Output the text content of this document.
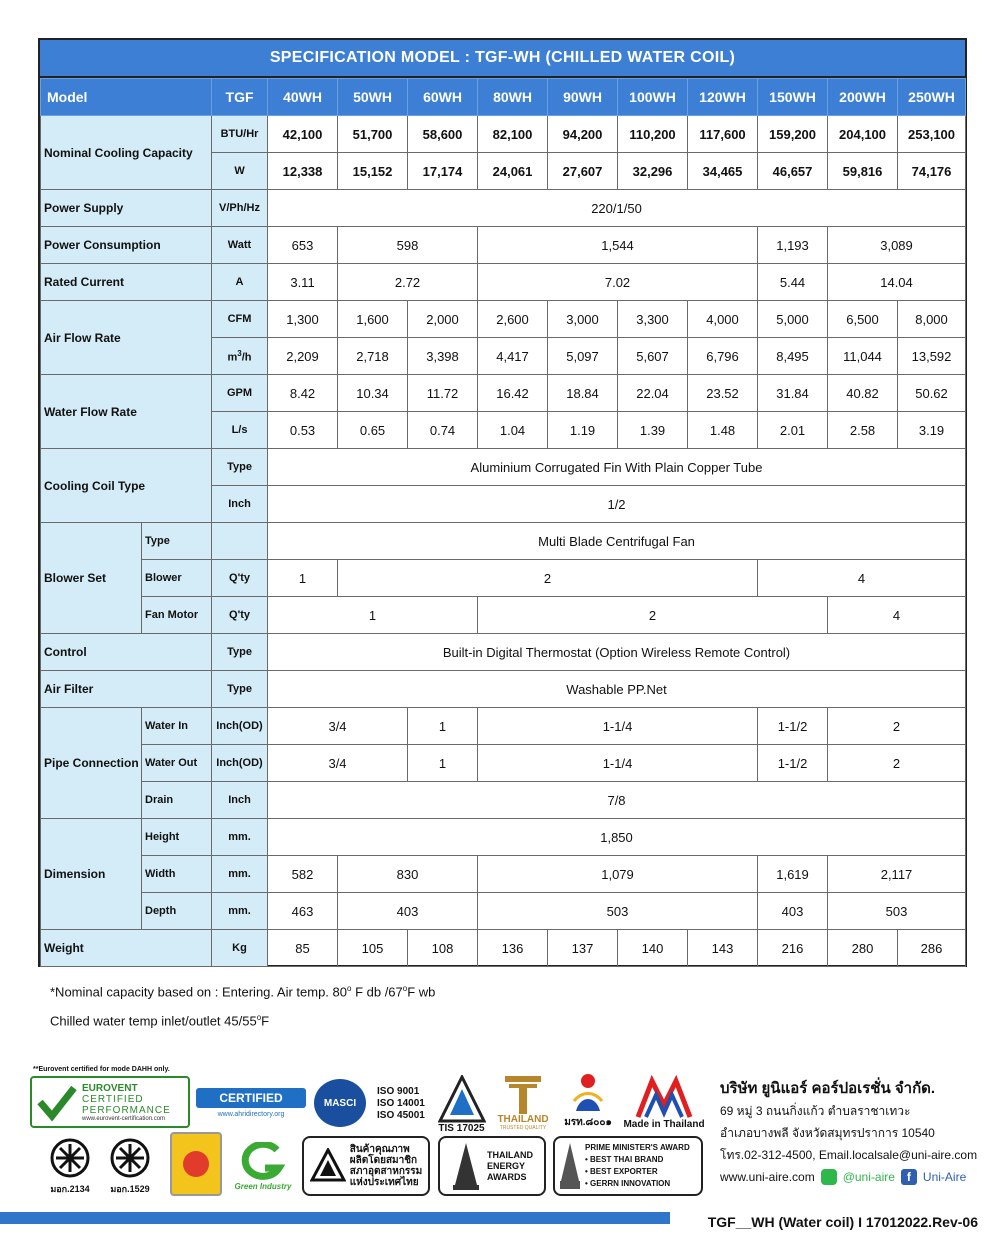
SPECIFICATION MODEL : TGF-WH (CHILLED WATER COIL)
Model		TGF	40WH	50WH	60WH	80WH	90WH	100WH	120WH	150WH	200WH	250WH
Nominal Cooling Capacity		BTU/Hr	42,100	51,700	58,600	82,100	94,200	110,200	117,600	159,200	204,100	253,100
		W	12,338	15,152	17,174	24,061	27,607	32,296	34,465	46,657	59,816	74,176
Power Supply		V/Ph/Hz	220/1/50									
Power Consumption		Watt	653	598		1,544				1,193	3,089	
Rated Current		A	3.11	2.72		7.02				5.44	14.04	
Air Flow Rate		CFM	1,300	1,600	2,000	2,600	3,000	3,300	4,000	5,000	6,500	8,000
		$m^3/h$	2,209	2,718	3,398	4,417	5,097	5,607	6,796	8,495	11,044	13,592
Water Flow Rate		GPM	8.42	10.34	11.72	16.42	18.84	22.04	23.52	31.84	40.82	50.62
		L/s	0.53	0.65	0.74	1.04	1.19	1.39	1.48	2.01	2.58	3.19
Cooling Coil Type		Type	Aluminium Corrugated Fin With Plain Copper Tube									
		Inch	1/2									
Blower Set	Type		Multi Blade Centrifugal Fan									
	Blower	Q'ty	1	2						4		
	Fan Motor	Q'ty	1			2					4	
Control		Type	Built-in Digital Thermostat (Option Wireless Remote Control)									
Air Filter		Type	Washable PP.Net									
Pipe Connection	Water In	Inch(OD)	3/4		1	1-1/4				1-1/2	2	
	Water Out	Inch(OD)	3/4		1	1-1/4				1-1/2	2	
	Drain	Inch	7/8									
Dimension	Height	mm.	1,850									
	Width	mm.	582	830		1,079				1,619	2,117	
	Depth	mm.	463	403		503				403	503	
Weight		Kg	85	105	108	136	137	140	143	216	280	286
*Nominal capacity based on : Entering. Air temp. 80$^o$ F db /67$^o$F wb
Chilled water temp inlet/outlet 45/55$^o$F
**Eurovent certified for mode DAHH only.
EUROVENT
CERTIFIED
PERFORMANCE
www.eurovent-certification.com
CERTIFIED
www.ahridirectory.org
MASCI
ISO 9001
ISO 14001
ISO 45001
TIS 17025
THAILAND
TRUSTED QUALITY มรท.๘๐๐๑ Made in Thailand
มอก.2134 มอก.1529	Green Industry
สินค้าคุณภาพ
ผลิตโดยสมาชิก
สภาอุตสาหกรรม
แห่งประเทศไทย
THAILAND
ENERGY
AWARDS
PRIME MINISTER'S AWARD
• BEST THAI BRAND
• BEST EXPORTER
• GERRN INNOVATION
บริษัท ยูนิแอร์ คอร์ปอเรชั่น จำกัด.
69 หมู่ 3 ถนนกิ่งแก้ว ตำบลราชาเทวะ
อำเภอบางพลี จังหวัดสมุทรปราการ 10540
โทร.02-312-4500, Email.localsale@uni-aire.com
www.uni-aire.com @uni-aire	f	Uni-Aire
TGF__WH (Water coil) I 17012022.Rev-06
